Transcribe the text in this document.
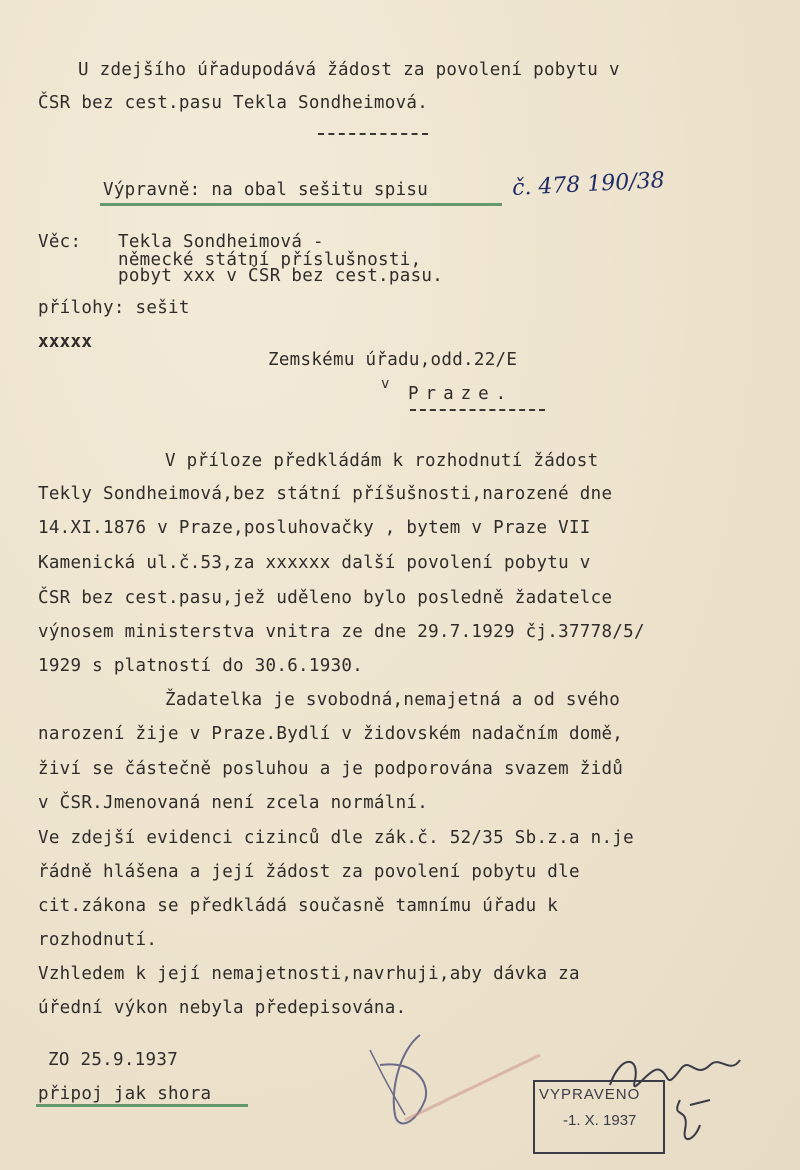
U zdejšího úřadupodává žádost za povolení pobytu v
ČSR bez cest.pasu Tekla Sondheimová.
Výpravně: na obal sešitu spisu	č. 478 190/38
Věc: Tekla Sondheimová -
německé státní příslušnosti,
pobyt xxx v ČSR bez cest.pasu.
přílohy: sešit
xxxxx
Zemskému úřadu,odd.22/E
v Praze.
V příloze předkládám k rozhodnutí žádost
Tekly Sondheimová,bez státní příšušnosti,narozené dne
14.XI.1876 v Praze,posluhovačky , bytem v Praze VII
Kamenická ul.č.53,za xxxxxx další povolení pobytu v
ČSR bez cest.pasu,jež uděleno bylo posledně žadatelce
výnosem ministerstva vnitra ze dne 29.7.1929 čj.37778/5/
1929 s platností do 30.6.1930.
Žadatelka je svobodná,nemajetná a od svého
narození žije v Praze.Bydlí v židovském nadačním domě,
živí se částečně posluhou a je podporována svazem židů
v ČSR.Jmenovaná není zcela normální.
Ve zdejší evidenci cizinců dle zák.č. 52/35 Sb.z.a n.je
řádně hlášena a její žádost za povolení pobytu dle
cit.zákona se předkládá současně tamnímu úřadu k
rozhodnutí.
Vzhledem k její nemajetnosti,navrhuji,aby dávka za
úřední výkon nebyla předepisována.
ZO 25.9.1937
připoj jak shora	VYPRAVENO
-1. X. 1937
